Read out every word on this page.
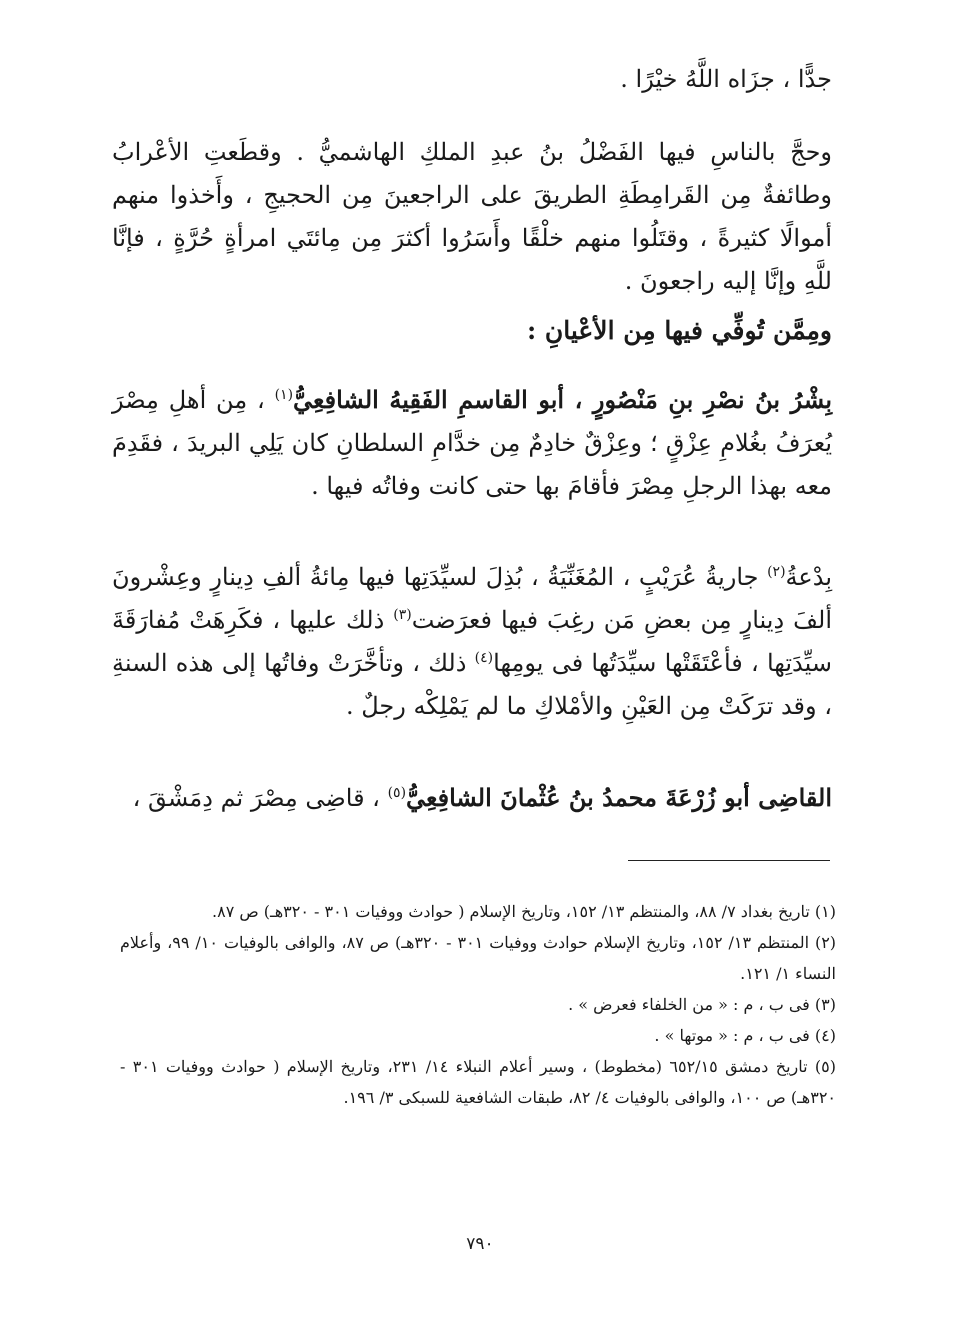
جدًّا ، جزَاه اللَّهُ خيْرًا .
وحجَّ بالناسِ فيها الفَضْلُ بنُ عبدِ الملكِ الهاشميُّ . وقطَعتِ الأعْرابُ وطائفةٌ مِن القَرامِطَةِ الطريقَ على الراجعينَ مِن الحجيجِ ، وأَخذوا منهم أموالًا كثيرةً ، وقتَلُوا منهم خلْقًا وأَسَرُوا أكثرَ مِن مِائتَي امرأةٍ حُرَّةٍ ، فإنَّا للَّهِ وإنَّا إليه راجعونَ .
ومِمَّن تُوفِّي فيها مِن الأعْيانِ :
بِشْرُ بنُ نصْرِ بنِ مَنْصُورٍ ، أبو القاسمِ الفَقِيهُ الشافِعِيُّ$^{(١)}$ ، مِن أهلِ مِصْرَ يُعرَفُ بغُلامِ عِزْقٍ ؛ وعِزْقٌ خادِمٌ مِن خدَّامِ السلطانِ كان يَلِي البريدَ ، فقَدِمَ معه بهذا الرجلِ مِصْرَ فأقامَ بها حتى كانت وفاتُه فيها .
بِدْعةُ$^{(٢)}$ جاريةُ عُرَيْبٍ ، المُغَنِّيَةُ ، بُذِلَ لسيِّدَتِها فيها مِائةُ ألفِ دِينارٍ وعِشْرونَ ألفَ دِينارٍ مِن بعضِ مَن رغِبَ فيها فعرَضت$^{(٣)}$ ذلك عليها ، فكَرِهَتْ مُفارَقَةَ سيِّدَتِها ، فأعْتَقَتْها سيِّدَتُها فى يومِها$^{(٤)}$ ذلك ، وتأخَّرَتْ وفاتُها إلى هذه السنةِ ، وقد ترَكَتْ مِن العَيْنِ والأمْلاكِ ما لم يَمْلِكْه رجلٌ .
القاضِى أبو زُرْعَةَ محمدُ بنُ عُثْمانَ الشافِعِيُّ$^{(٥)}$ ، قاضِى مِصْرَ ثم دِمَشْقَ ،

(١) تاريخ بغداد ٧/ ٨٨، والمنتظم ١٣/ ١٥٢، وتاريخ الإسلام ( حوادث ووفيات ٣٠١ - ٣٢٠هـ) ص ٨٧.

(٢) المنتظم ١٣/ ١٥٢، وتاريخ الإسلام حوادث ووفيات ٣٠١ - ٣٢٠هـ) ص ٨٧، والوافى بالوفيات ١٠/ ٩٩، وأعلام النساء ١/ ١٢١.

(٣) فى ب ، م : « من الخلفاء فعرض » .

(٤) فى ب ، م : « موتها » .

(٥) تاريخ دمشق ٦٥٢/١٥ (مخطوط) ، وسير أعلام النبلاء ١٤/ ٢٣١، وتاريخ الإسلام ( حوادث ووفيات ٣٠١ - ٣٢٠هـ) ص ١٠٠، والوافى بالوفيات ٤/ ٨٢، طبقات الشافعية للسبكى ٣/ ١٩٦.

٧٩٠
